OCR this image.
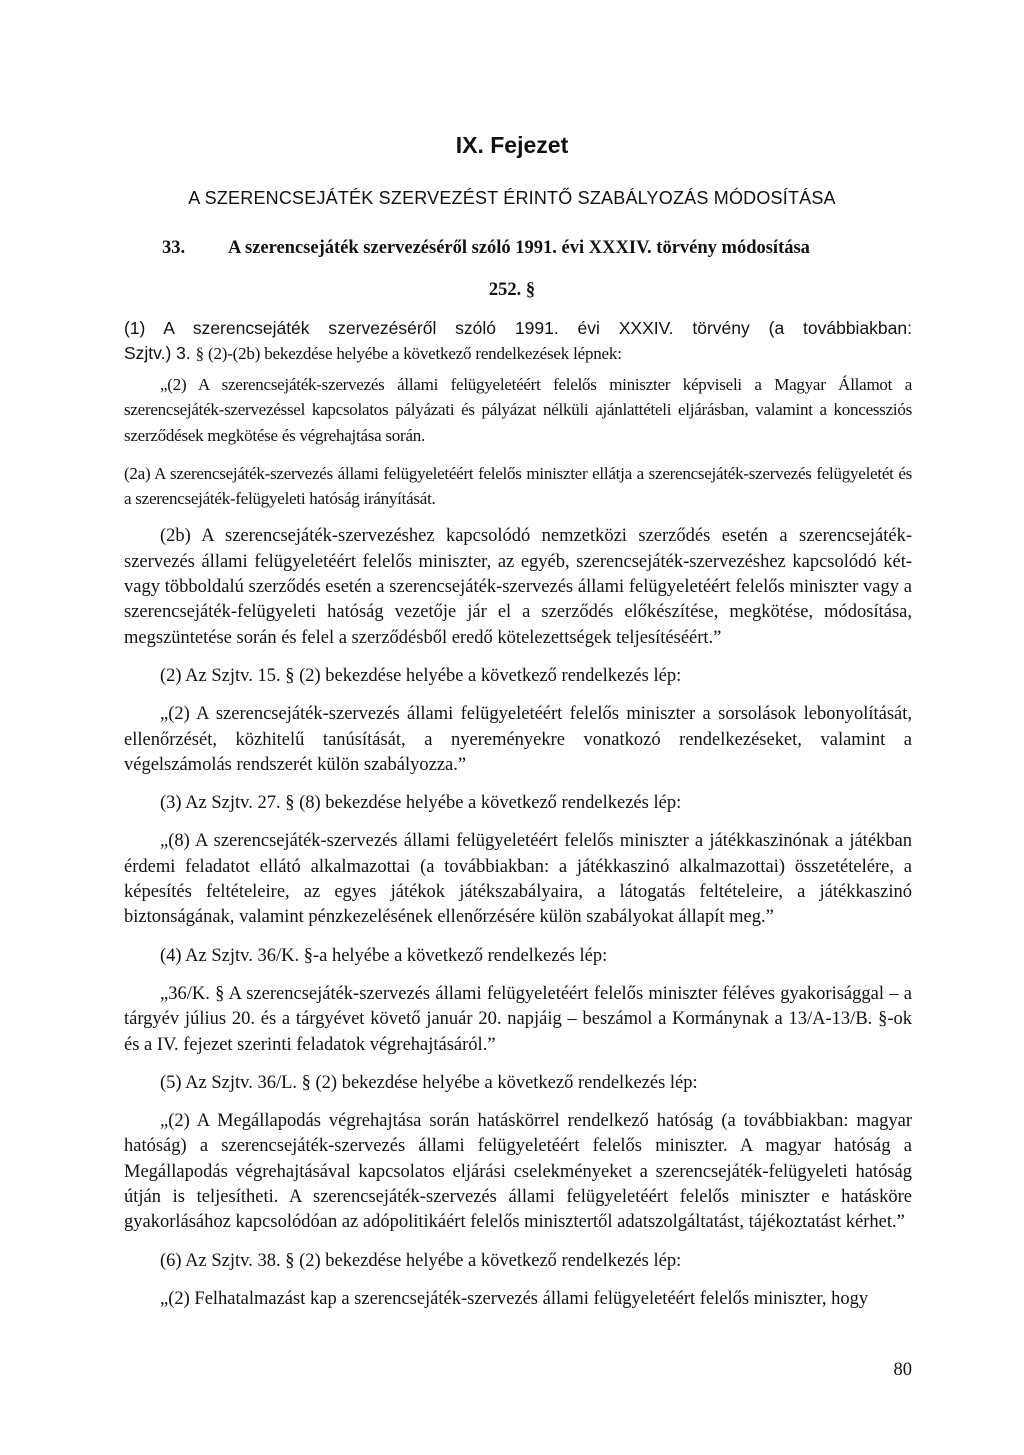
IX. Fejezet
A SZERENCSEJÁTÉK SZERVEZÉST ÉRINTŐ SZABÁLYOZÁS MÓDOSÍTÁSA
33. A szerencsejáték szervezéséről szóló 1991. évi XXXIV. törvény módosítása
252. §
(1) A szerencsejáték szervezéséről szóló 1991. évi XXXIV. törvény (a továbbiakban:
Szjtv.) 3. § (2)-(2b) bekezdése helyébe a következő rendelkezések lépnek:

„(2) A szerencsejáték-szervezés állami felügyeletéért felelős miniszter képviseli a Magyar Államot a szerencsejáték-szervezéssel kapcsolatos pályázati és pályázat nélküli ajánlattételi eljárásban, valamint a koncessziós szerződések megkötése és végrehajtása során.

(2a) A szerencsejáték-szervezés állami felügyeletéért felelős miniszter ellátja a szerencsejáték-szervezés felügyeletét és a szerencsejáték-felügyeleti hatóság irányítását.

(2b) A szerencsejáték-szervezéshez kapcsolódó nemzetközi szerződés esetén a szerencsejáték-szervezés állami felügyeletéért felelős miniszter, az egyéb, szerencsejáték-szervezéshez kapcsolódó két- vagy többoldalú szerződés esetén a szerencsejáték-szervezés állami felügyeletéért felelős miniszter vagy a szerencsejáték-felügyeleti hatóság vezetője jár el a szerződés előkészítése, megkötése, módosítása, megszüntetése során és felel a szerződésből eredő kötelezettségek teljesítéséért.”

(2) Az Szjtv. 15. § (2) bekezdése helyébe a következő rendelkezés lép:

„(2) A szerencsejáték-szervezés állami felügyeletéért felelős miniszter a sorsolások lebonyolítását, ellenőrzését, közhitelű tanúsítását, a nyereményekre vonatkozó rendelkezéseket, valamint a végelszámolás rendszerét külön szabályozza.”

(3) Az Szjtv. 27. § (8) bekezdése helyébe a következő rendelkezés lép:

„(8) A szerencsejáték-szervezés állami felügyeletéért felelős miniszter a játékkaszinónak a játékban érdemi feladatot ellátó alkalmazottai (a továbbiakban: a játékkaszinó alkalmazottai) összetételére, a képesítés feltételeire, az egyes játékok játékszabályaira, a látogatás feltételeire, a játékkaszinó biztonságának, valamint pénzkezelésének ellenőrzésére külön szabályokat állapít meg.”

(4) Az Szjtv. 36/K. §-a helyébe a következő rendelkezés lép:

„36/K. § A szerencsejáték-szervezés állami felügyeletéért felelős miniszter féléves gyakorisággal – a tárgyév július 20. és a tárgyévet követő január 20. napjáig – beszámol a Kormánynak a 13/A-13/B. §-ok és a IV. fejezet szerinti feladatok végrehajtásáról.”

(5) Az Szjtv. 36/L. § (2) bekezdése helyébe a következő rendelkezés lép:

„(2) A Megállapodás végrehajtása során hatáskörrel rendelkező hatóság (a továbbiakban: magyar hatóság) a szerencsejáték-szervezés állami felügyeletéért felelős miniszter. A magyar hatóság a Megállapodás végrehajtásával kapcsolatos eljárási cselekményeket a szerencsejáték-felügyeleti hatóság útján is teljesítheti. A szerencsejáték-szervezés állami felügyeletéért felelős miniszter e hatásköre gyakorlásához kapcsolódóan az adópolitikáért felelős minisztertől adatszolgáltatást, tájékoztatást kérhet.”

(6) Az Szjtv. 38. § (2) bekezdése helyébe a következő rendelkezés lép:

„(2) Felhatalmazást kap a szerencsejáték-szervezés állami felügyeletéért felelős miniszter, hogy

80
